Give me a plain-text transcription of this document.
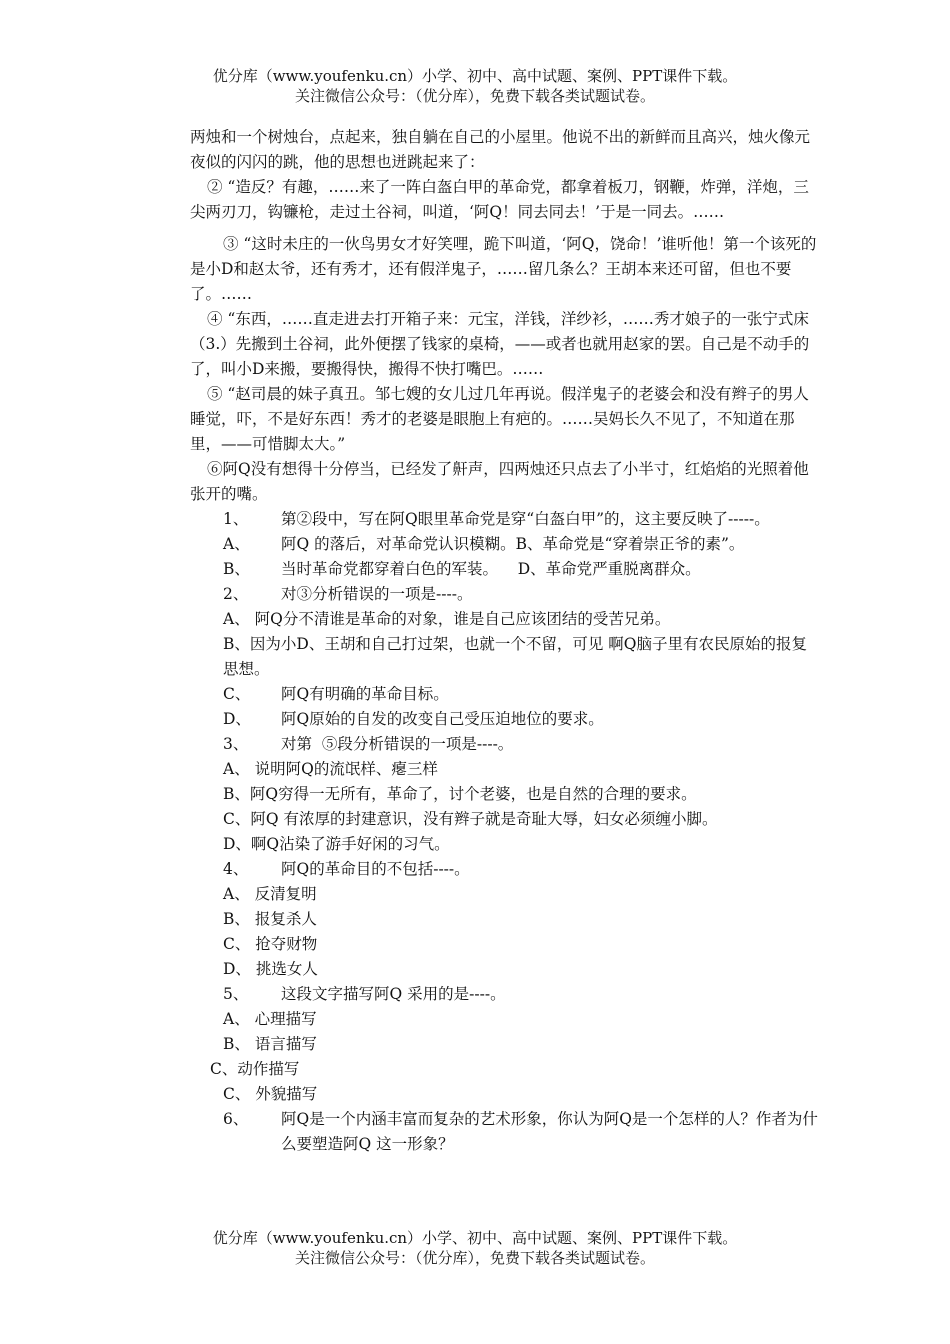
优分库（www.youfenku.cn）小学、初中、高中试题、案例、PPT课件下载。
关注微信公众号：（优分库），免费下载各类试题试卷。

两烛和一个树烛台，点起来，独自躺在自己的小屋里。他说不出的新鲜而且高兴，烛火像元夜似的闪闪的跳，他的思想也迸跳起来了：

② “造反？有趣，……来了一阵白盔白甲的革命党，都拿着板刀，钢鞭，炸弹，洋炮，三尖两刃刀，钩镰枪，走过土谷祠，叫道，‘阿Q！同去同去！’于是一同去。……

③ “这时未庄的一伙鸟男女才好笑哩，跪下叫道，‘阿Q，饶命！’谁听他！第一个该死的是小D和赵太爷，还有秀才，还有假洋鬼子，……留几条么？王胡本来还可留，但也不要了。……

④ “东西，……直走进去打开箱子来：元宝，洋钱，洋纱衫，……秀才娘子的一张宁式床（3.）先搬到土谷祠，此外便摆了钱家的桌椅，——或者也就用赵家的罢。自己是不动手的了，叫小D来搬，要搬得快，搬得不快打嘴巴。……

⑤ “赵司晨的妹子真丑。邹七嫂的女儿过几年再说。假洋鬼子的老婆会和没有辫子的男人睡觉，吓，不是好东西！秀才的老婆是眼胞上有疤的。……吴妈长久不见了，不知道在那里，——可惜脚太大。”

⑥阿Q没有想得十分停当，已经发了鼾声，四两烛还只点去了小半寸，红焰焰的光照着他张开的嘴。

1、 第②段中，写在阿Q眼里革命党是穿“白盔白甲”的，这主要反映了-----。

A、 阿Q 的落后，对革命党认识模糊。B、革命党是“穿着崇正爷的素”。

B、 当时革命党都穿着白色的军装。    D、革命党严重脱离群众。

2、 对③分析错误的一项是----。

A、 阿Q分不清谁是革命的对象，谁是自己应该团结的受苦兄弟。

B、因为小D、王胡和自己打过架，也就一个不留，可见 啊Q脑子里有农民原始的报复思想。

C、 阿Q有明确的革命目标。

D、 阿Q原始的自发的改变自己受压迫地位的要求。

3、 对第  ⑤段分析错误的一项是----。

A、 说明阿Q的流氓样、瘪三样

B、阿Q穷得一无所有，革命了，讨个老婆，也是自然的合理的要求。

C、阿Q 有浓厚的封建意识，没有辫子就是奇耻大辱，妇女必须缠小脚。

D、啊Q沾染了游手好闲的习气。

4、 阿Q的革命目的不包括----。

A、 反清复明

B、 报复杀人

C、 抢夺财物

D、 挑选女人

5、 这段文字描写阿Q 采用的是----。

A、 心理描写

B、 语言描写

C、动作描写

C、 外貌描写

6、 阿Q是一个内涵丰富而复杂的艺术形象，你认为阿Q是一个怎样的人？作者为什么要塑造阿Q 这一形象？

优分库（www.youfenku.cn）小学、初中、高中试题、案例、PPT课件下载。
关注微信公众号：（优分库），免费下载各类试题试卷。
